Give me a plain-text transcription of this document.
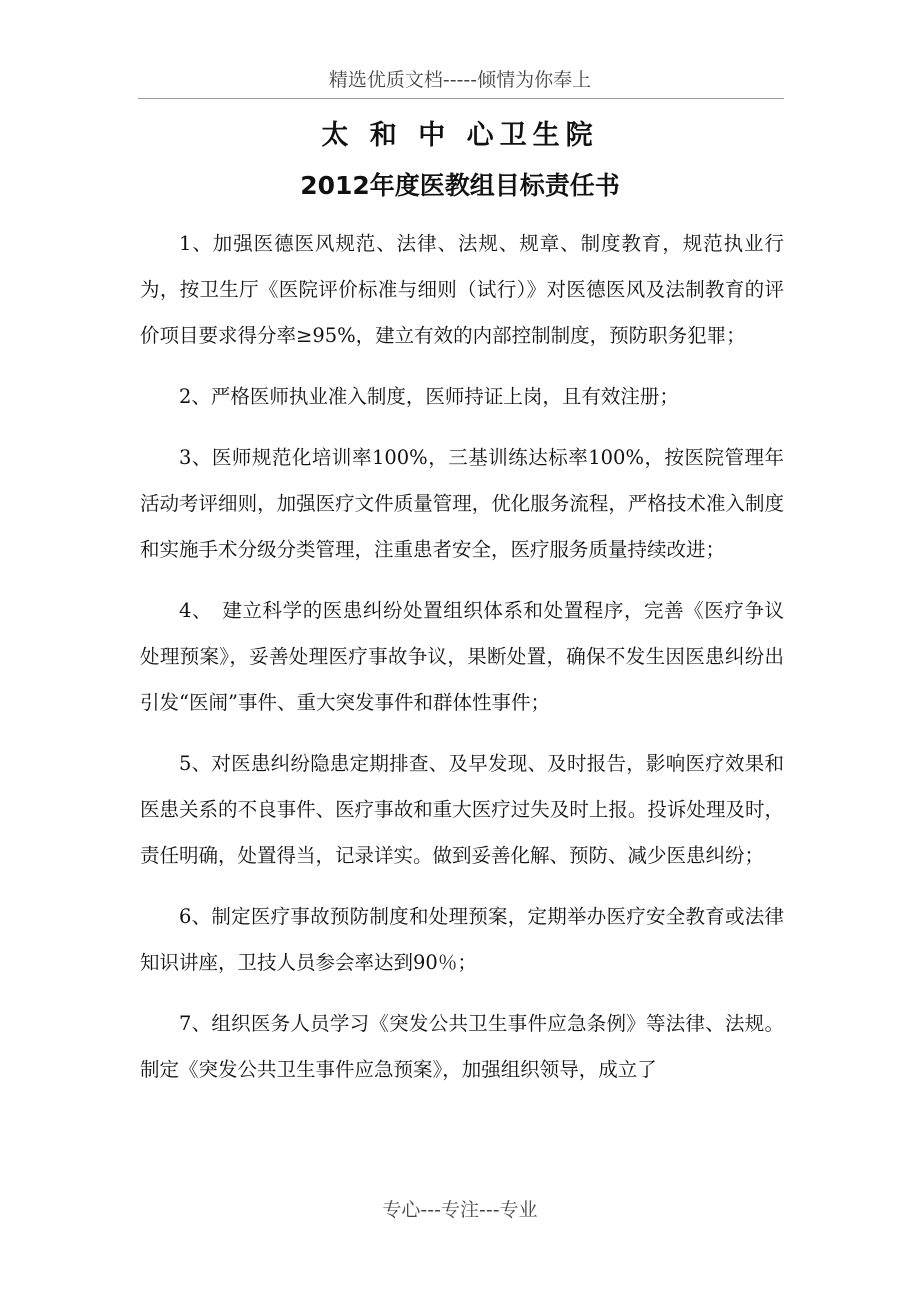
精选优质文档-----倾情为你奉上
太 和 中 心卫生院
2012年度医教组目标责任书

1、加强医德医风规范、法律、法规、规章、制度教育，规范执业行为，按卫生厅《医院评价标准与细则（试行）》对医德医风及法制教育的评价项目要求得分率≥95%，建立有效的内部控制制度，预防职务犯罪；

2、严格医师执业准入制度，医师持证上岗，且有效注册；

3、医师规范化培训率100%，三基训练达标率100%，按医院管理年活动考评细则，加强医疗文件质量管理，优化服务流程，严格技术准入制度和实施手术分级分类管理，注重患者安全，医疗服务质量持续改进；

4、　建立科学的医患纠纷处置组织体系和处置程序，完善《医疗争议处理预案》，妥善处理医疗事故争议，果断处置，确保不发生因医患纠纷出引发“医闹”事件、重大突发事件和群体性事件；

5、对医患纠纷隐患定期排查、及早发现、及时报告，影响医疗效果和医患关系的不良事件、医疗事故和重大医疗过失及时上报。投诉处理及时，责任明确，处置得当，记录详实。做到妥善化解、预防、减少医患纠纷；

6、制定医疗事故预防制度和处理预案，定期举办医疗安全教育或法律知识讲座，卫技人员参会率达到90％；

7、组织医务人员学习《突发公共卫生事件应急条例》等法律、法规。制定《突发公共卫生事件应急预案》，加强组织领导，成立了

专心---专注---专业
